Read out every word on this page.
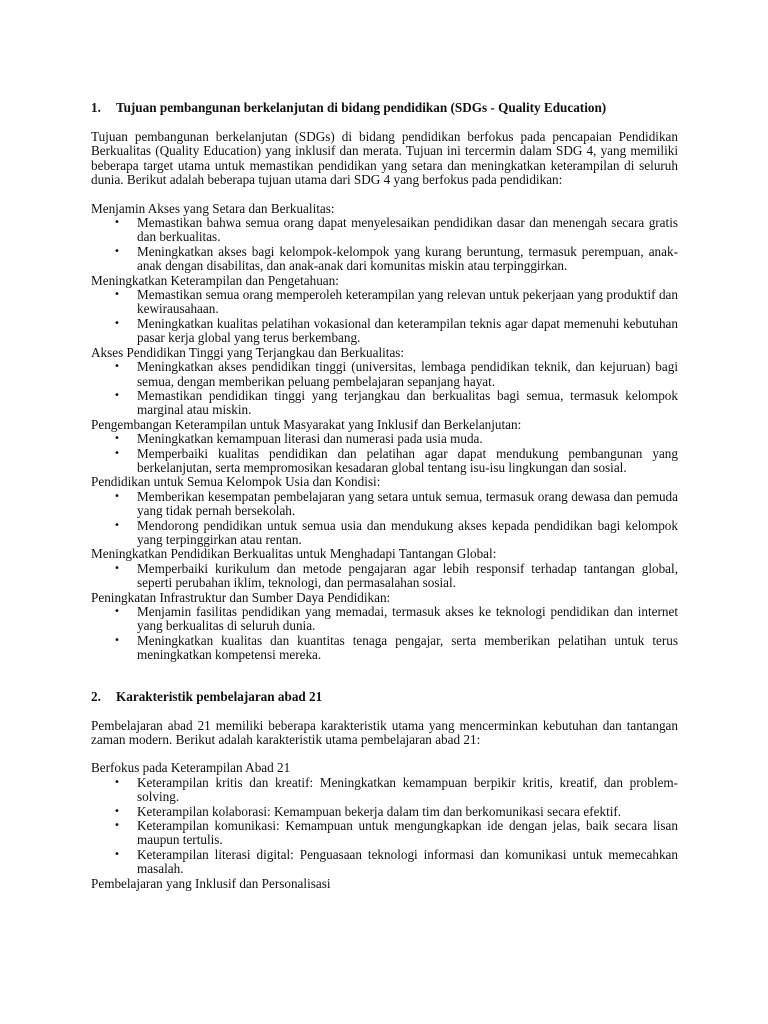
1.	Tujuan pembangunan berkelanjutan di bidang pendidikan (SDGs - Quality Education)

Tujuan pembangunan berkelanjutan (SDGs) di bidang pendidikan berfokus pada pencapaian Pendidikan Berkualitas (Quality Education) yang inklusif dan merata. Tujuan ini tercermin dalam SDG 4, yang memiliki beberapa target utama untuk memastikan pendidikan yang setara dan meningkatkan keterampilan di seluruh dunia. Berikut adalah beberapa tujuan utama dari SDG 4 yang berfokus pada pendidikan:

Menjamin Akses yang Setara dan Berkualitas:

• Memastikan bahwa semua orang dapat menyelesaikan pendidikan dasar dan menengah secara gratis dan berkualitas.
• Meningkatkan akses bagi kelompok-kelompok yang kurang beruntung, termasuk perempuan, anak-anak dengan disabilitas, dan anak-anak dari komunitas miskin atau terpinggirkan.

Meningkatkan Keterampilan dan Pengetahuan:

• Memastikan semua orang memperoleh keterampilan yang relevan untuk pekerjaan yang produktif dan kewirausahaan.
• Meningkatkan kualitas pelatihan vokasional dan keterampilan teknis agar dapat memenuhi kebutuhan pasar kerja global yang terus berkembang.

Akses Pendidikan Tinggi yang Terjangkau dan Berkualitas:

• Meningkatkan akses pendidikan tinggi (universitas, lembaga pendidikan teknik, dan kejuruan) bagi semua, dengan memberikan peluang pembelajaran sepanjang hayat.
• Memastikan pendidikan tinggi yang terjangkau dan berkualitas bagi semua, termasuk kelompok marginal atau miskin.

Pengembangan Keterampilan untuk Masyarakat yang Inklusif dan Berkelanjutan:

• Meningkatkan kemampuan literasi dan numerasi pada usia muda.
• Memperbaiki kualitas pendidikan dan pelatihan agar dapat mendukung pembangunan yang berkelanjutan, serta mempromosikan kesadaran global tentang isu-isu lingkungan dan sosial.

Pendidikan untuk Semua Kelompok Usia dan Kondisi:

• Memberikan kesempatan pembelajaran yang setara untuk semua, termasuk orang dewasa dan pemuda yang tidak pernah bersekolah.
• Mendorong pendidikan untuk semua usia dan mendukung akses kepada pendidikan bagi kelompok yang terpinggirkan atau rentan.

Meningkatkan Pendidikan Berkualitas untuk Menghadapi Tantangan Global:

• Memperbaiki kurikulum dan metode pengajaran agar lebih responsif terhadap tantangan global, seperti perubahan iklim, teknologi, dan permasalahan sosial.

Peningkatan Infrastruktur dan Sumber Daya Pendidikan:

• Menjamin fasilitas pendidikan yang memadai, termasuk akses ke teknologi pendidikan dan internet yang berkualitas di seluruh dunia.
• Meningkatkan kualitas dan kuantitas tenaga pengajar, serta memberikan pelatihan untuk terus meningkatkan kompetensi mereka.
2.	Karakteristik pembelajaran abad 21

Pembelajaran abad 21 memiliki beberapa karakteristik utama yang mencerminkan kebutuhan dan tantangan zaman modern. Berikut adalah karakteristik utama pembelajaran abad 21:

Berfokus pada Keterampilan Abad 21

• Keterampilan kritis dan kreatif: Meningkatkan kemampuan berpikir kritis, kreatif, dan problem-solving.
• Keterampilan kolaborasi: Kemampuan bekerja dalam tim dan berkomunikasi secara efektif.
• Keterampilan komunikasi: Kemampuan untuk mengungkapkan ide dengan jelas, baik secara lisan maupun tertulis.
• Keterampilan literasi digital: Penguasaan teknologi informasi dan komunikasi untuk memecahkan masalah.

Pembelajaran yang Inklusif dan Personalisasi
